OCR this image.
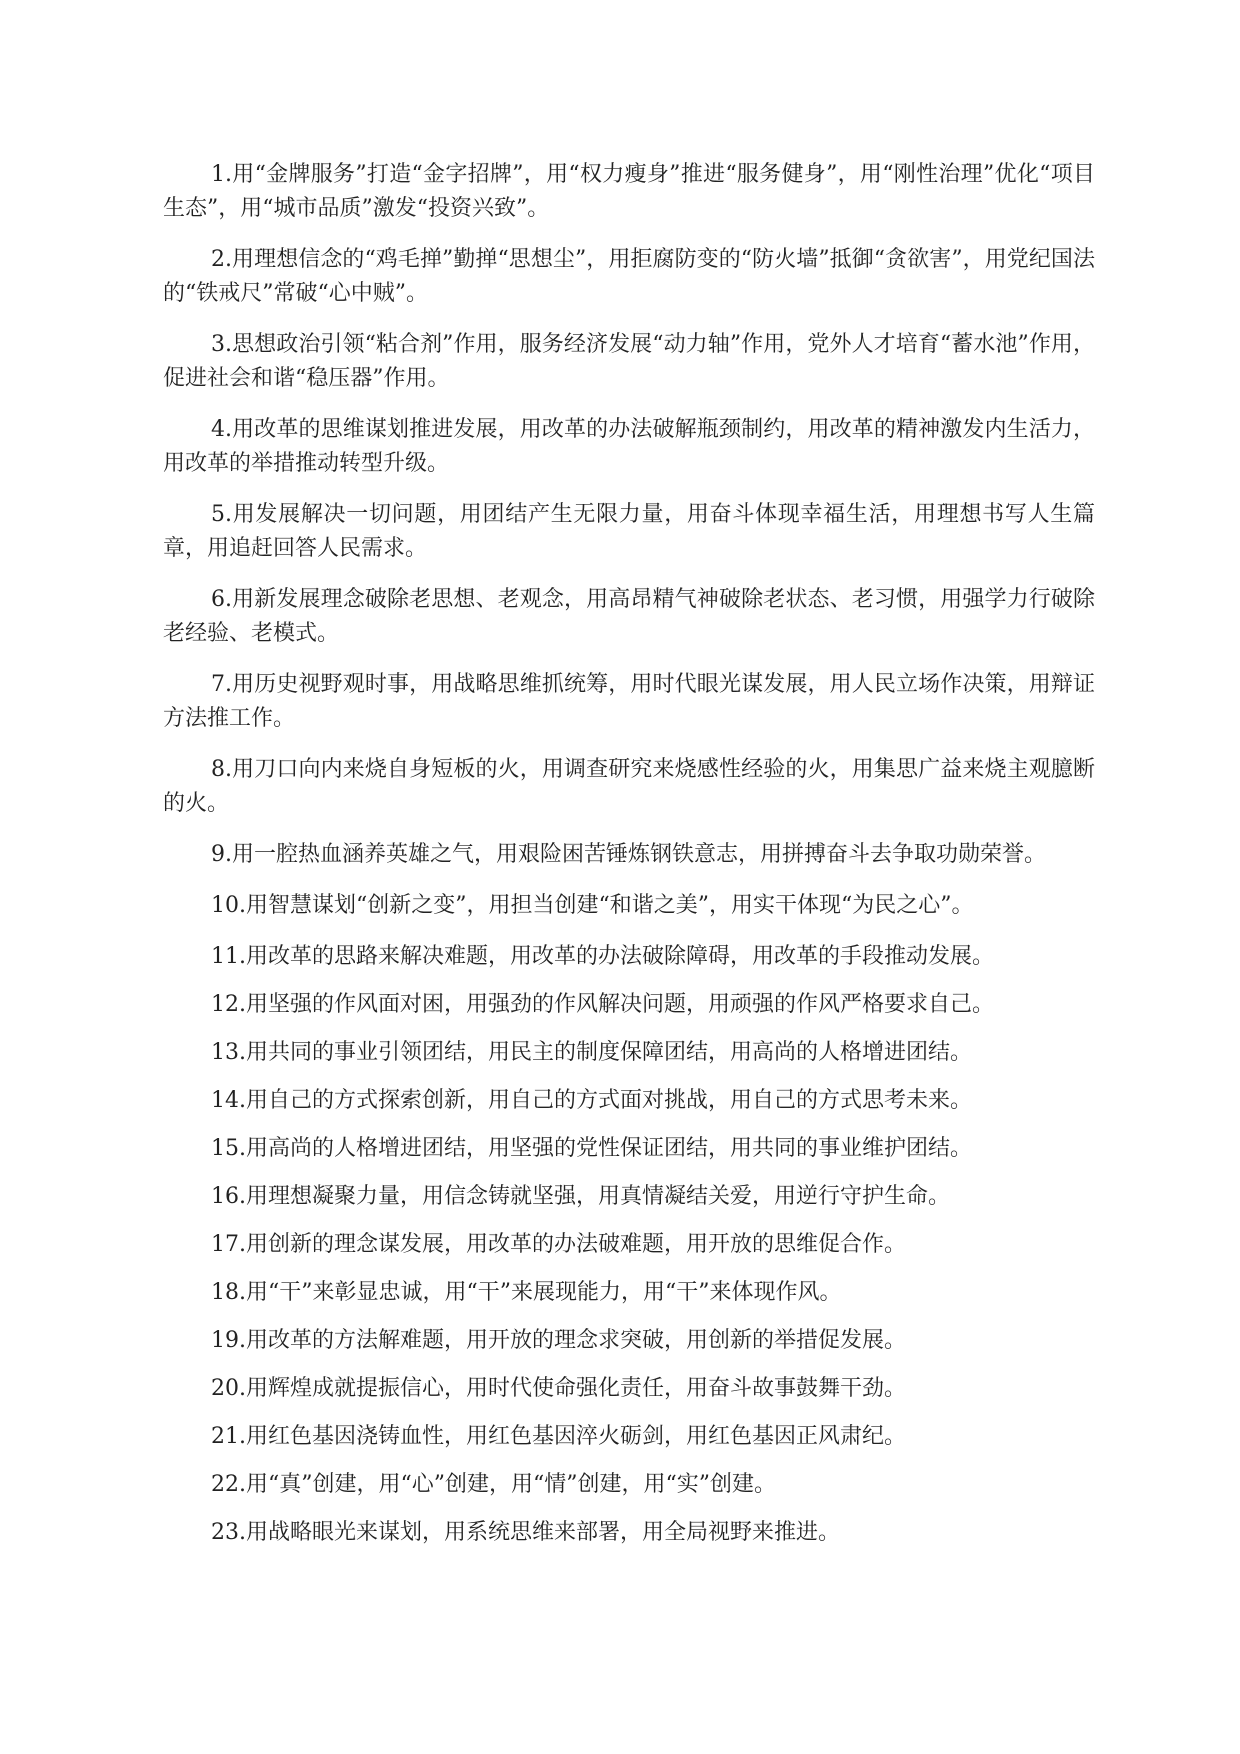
1.用“金牌服务”打造“金字招牌”，用“权力瘦身”推进“服务健身”，用“刚性治理”优化“项目生态”，用“城市品质”激发“投资兴致”。

2.用理想信念的“鸡毛掸”勤掸“思想尘”，用拒腐防变的“防火墙”抵御“贪欲害”，用党纪国法的“铁戒尺”常破“心中贼”。

3.思想政治引领“粘合剂”作用，服务经济发展“动力轴”作用，党外人才培育“蓄水池”作用，促进社会和谐“稳压器”作用。

4.用改革的思维谋划推进发展，用改革的办法破解瓶颈制约，用改革的精神激发内生活力，用改革的举措推动转型升级。

5.用发展解决一切问题，用团结产生无限力量，用奋斗体现幸福生活，用理想书写人生篇章，用追赶回答人民需求。

6.用新发展理念破除老思想、老观念，用高昂精气神破除老状态、老习惯，用强学力行破除老经验、老模式。

7.用历史视野观时事，用战略思维抓统筹，用时代眼光谋发展，用人民立场作决策，用辩证方法推工作。

8.用刀口向内来烧自身短板的火，用调查研究来烧感性经验的火，用集思广益来烧主观臆断的火。

9.用一腔热血涵养英雄之气，用艰险困苦锤炼钢铁意志，用拼搏奋斗去争取功勋荣誉。

10.用智慧谋划“创新之变”，用担当创建“和谐之美”，用实干体现“为民之心”。

11.用改革的思路来解决难题，用改革的办法破除障碍，用改革的手段推动发展。

12.用坚强的作风面对困，用强劲的作风解决问题，用顽强的作风严格要求自己。

13.用共同的事业引领团结，用民主的制度保障团结，用高尚的人格增进团结。

14.用自己的方式探索创新，用自己的方式面对挑战，用自己的方式思考未来。

15.用高尚的人格增进团结，用坚强的党性保证团结，用共同的事业维护团结。

16.用理想凝聚力量，用信念铸就坚强，用真情凝结关爱，用逆行守护生命。

17.用创新的理念谋发展，用改革的办法破难题，用开放的思维促合作。

18.用“干”来彰显忠诚，用“干”来展现能力，用“干”来体现作风。

19.用改革的方法解难题，用开放的理念求突破，用创新的举措促发展。

20.用辉煌成就提振信心，用时代使命强化责任，用奋斗故事鼓舞干劲。

21.用红色基因浇铸血性，用红色基因淬火砺剑，用红色基因正风肃纪。

22.用“真”创建，用“心”创建，用“情”创建，用“实”创建。

23.用战略眼光来谋划，用系统思维来部署，用全局视野来推进。
